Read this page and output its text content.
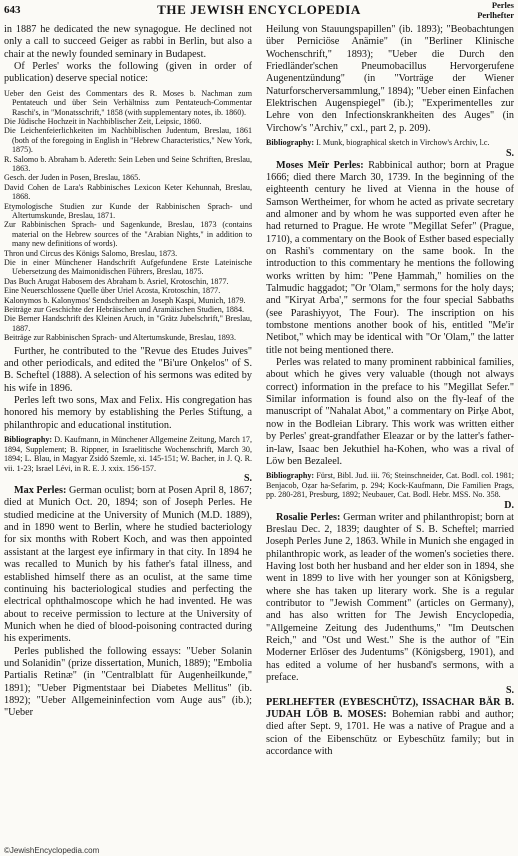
643	THE JEWISH ENCYCLOPEDIA	Perles
Perlhefter

in 1887 he dedicated the new synagogue. He declined not only a call to succeed Geiger as rabbi in Berlin, but also a chair at the newly founded seminary in Budapest.

Of Perles' works the following (given in order of publication) deserve special notice:

Ueber den Geist des Commentars des R. Moses b. Nachman zum Pentateuch und über Sein Verhältniss zum Pentateuch-Commentar Raschi's, in "Monatsschrift," 1858 (with supplementary notes, ib. 1860).

Die Jüdische Hochzeit in Nachbiblischer Zeit, Leipsic, 1860.

Die Leichenfeierlichkeiten im Nachbiblischen Judentum, Breslau, 1861 (both of the foregoing in English in "Hebrew Characteristics," New York, 1875).

R. Salomo b. Abraham b. Adereth: Sein Leben und Seine Schriften, Breslau, 1863.

Gesch. der Juden in Posen, Breslau, 1865.

David Cohen de Lara's Rabbinisches Lexicon Keter Kehunnah, Breslau, 1868.

Etymologische Studien zur Kunde der Rabbinischen Sprach- und Altertumskunde, Breslau, 1871.

Zur Rabbinischen Sprach- und Sagenkunde, Breslau, 1873 (contains material on the Hebrew sources of the "Arabian Nights," in addition to many new definitions of words).

Thron und Circus des Königs Salomo, Breslau, 1873.

Die in einer Münchener Handschrift Aufgefundene Erste Lateinische Uebersetzung des Maimonidischen Führers, Breslau, 1875.

Das Buch Arugat Habosem des Abraham b. Asriel, Krotoschin, 1877.

Eine Neuerschlossene Quelle über Uriel Acosta, Krotoschin, 1877.

Kalonymos b. Kalonymos' Sendschreiben an Joseph Kaspi, Munich, 1879.

Beiträge zur Geschichte der Hebräischen und Aramäischen Studien, 1884.

Die Berner Handschrift des Kleinen Aruch, in "Grätz Jubelschrift," Breslau, 1887.

Beiträge zur Rabbinischen Sprach- und Altertumskunde, Breslau, 1893.

Further, he contributed to the "Revue des Etudes Juives" and other periodicals, and edited the "Bi'ure Onḳelos" of S. B. Scheftel (1888). A selection of his sermons was edited by his wife in 1896.

Perles left two sons, Max and Felix. His congregation has honored his memory by establishing the Perles Stiftung, a philanthropic and educational institution.

Bibliography: D. Kaufmann, in Münchener Allgemeine Zeitung, March 17, 1894, Supplement; B. Rippner, in Israelitische Wochenschrift, March 30, 1894; L. Blau, in Magyar Zsidó Szemle, xi. 145-151; W. Bacher, in J. Q. R. vii. 1-23; Israel Lévi, in R. E. J. xxix. 156-157.

S.

Max Perles: German oculist; born at Posen April 8, 1867; died at Munich Oct. 20, 1894; son of Joseph Perles. He studied medicine at the University of Munich (M.D. 1889), and in 1890 went to Berlin, where he studied bacteriology for six months with Robert Koch, and was then appointed assistant at the largest eye infirmary in that city. In 1894 he was recalled to Munich by his father's fatal illness, and established himself there as an oculist, at the same time continuing his bacteriological studies and perfecting the electrical ophthalmoscope which he had invented. He was about to receive permission to lecture at the University of Munich when he died of blood-poisoning contracted during his experiments.

Perles published the following essays: "Ueber Solanin und Solanidin" (prize dissertation, Munich, 1889); "Embolia Partialis Retinæ" (in "Centralblatt für Augenheilkunde," 1891); "Ueber Pigmentstaar bei Diabetes Mellitus" (ib. 1892); "Ueber Allgemeininfection vom Auge aus" (ib.); "Ueber

Heilung von Stauungspapillen" (ib. 1893); "Beobachtungen über Perniciöse Anämie" (in "Berliner Klinische Wochenschrift," 1893); "Ueber die Durch den Friedländer'schen Pneumobacillus Hervorgerufene Augenentzündung" (in "Vorträge der Wiener Naturforscherversammlung," 1894); "Ueber einen Einfachen Elektrischen Augenspiegel" (ib.); "Experimentelles zur Lehre von den Infectionskrankheiten des Auges" (in Virchow's "Archiv," cxl., part 2, p. 209).

Bibliography: I. Munk, biographical sketch in Virchow's Archiv, l.c.

S.

Moses Meïr Perles: Rabbinical author; born at Prague 1666; died there March 30, 1739. In the beginning of the eighteenth century he lived at Vienna in the house of Samson Wertheimer, for whom he acted as private secretary and almoner and by whom he was supported even after he had returned to Prague. He wrote "Megillat Sefer" (Prague, 1710), a commentary on the Book of Esther based especially on Rashi's commentary on the same book. In the introduction to this commentary he mentions the following works written by him: "Pene Ḥammah," homilies on the Talmudic haggadot; "Or 'Olam," sermons for the holy days; and "Kiryat Arba'," sermons for the four special Sabbaths (see Parashiyyot, The Four). The inscription on his tombstone mentions another book of his, entitled "Me'ir Netibot," which may be identical with "Or 'Olam," the latter title not being mentioned there.

Perles was related to many prominent rabbinical families, about which he gives very valuable (though not always correct) information in the preface to his "Megillat Sefer." Similar information is found also on the fly-leaf of the manuscript of "Nahalat Abot," a commentary on Pirḳe Abot, now in the Bodleian Library. This work was written either by Perles' great-grandfather Eleazar or by the latter's father-in-law, Isaac ben Jekuthiel ha-Kohen, who was a rival of Löw ben Bezaleel.

Bibliography: Fürst, Bibl. Jud. iii. 76; Steinschneider, Cat. Bodl. col. 1981; Benjacob, Oẓar ha-Sefarim, p. 294; Kock-Kaufmann, Die Familien Prags, pp. 280-281, Presburg, 1892; Neubauer, Cat. Bodl. Hebr. MSS. No. 358.

D.

Rosalie Perles: German writer and philanthropist; born at Breslau Dec. 2, 1839; daughter of S. B. Scheftel; married Joseph Perles June 2, 1863. While in Munich she engaged in philanthropic work, as leader of the women's societies there. Having lost both her husband and her elder son in 1894, she went in 1899 to live with her younger son at Königsberg, where she has taken up literary work. She is a regular contributor to "Jewish Comment" (articles on Germany), and has also written for The Jewish Encyclopedia, "Allgemeine Zeitung des Judenthums," "Im Deutschen Reich," and "Ost und West." She is the author of "Ein Moderner Erlöser des Judentums" (Königsberg, 1901), and has edited a volume of her husband's sermons, with a preface.

S.

PERLHEFTER (EYBESCHÜTZ), ISSACHAR BÄR B. JUDAH LÖB B. MOSES: Bohemian rabbi and author; died after Sept. 9, 1701. He was a native of Prague and a scion of the Eibenschütz or Eybeschütz family; but in accordance with

©JewishEncyclopedia.com
